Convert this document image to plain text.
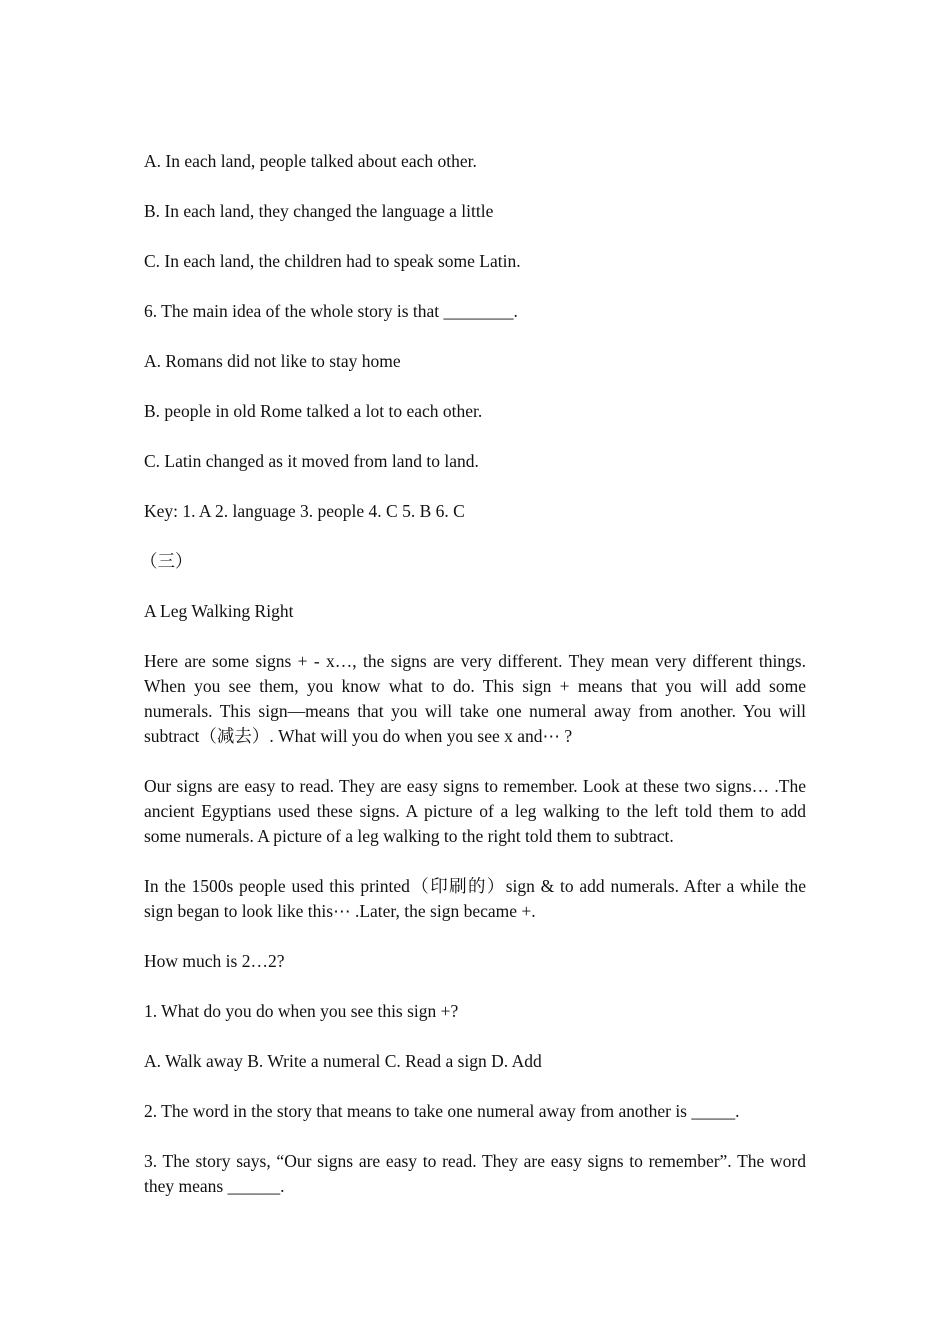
A. In each land, people talked about each other.

B. In each land, they changed the language a little

C. In each land, the children had to speak some Latin.

6. The main idea of the whole story is that ________.

A. Romans did not like to stay home

B. people in old Rome talked a lot to each other.

C. Latin changed as it moved from land to land.

Key: 1. A 2. language 3. people 4. C 5. B 6. C

（三）

A Leg Walking Right

Here are some signs + - x…, the signs are very different. They mean very different things. When you see them, you know what to do. This sign + means that you will add some numerals. This sign—means that you will take one numeral away from another. You will subtract（减去）. What will you do when you see x and⋯ ?

Our signs are easy to read. They are easy signs to remember. Look at these two signs… .The ancient Egyptians used these signs. A picture of a leg walking to the left told them to add some numerals. A picture of a leg walking to the right told them to subtract.

In the 1500s people used this printed（印刷的）sign & to add numerals. After a while the sign began to look like this⋯ .Later, the sign became +.

How much is 2…2?

1. What do you do when you see this sign +?

A. Walk away B. Write a numeral C. Read a sign D. Add

2. The word in the story that means to take one numeral away from another is _____.

3. The story says, “Our signs are easy to read. They are easy signs to remember”. The word they means ______.
